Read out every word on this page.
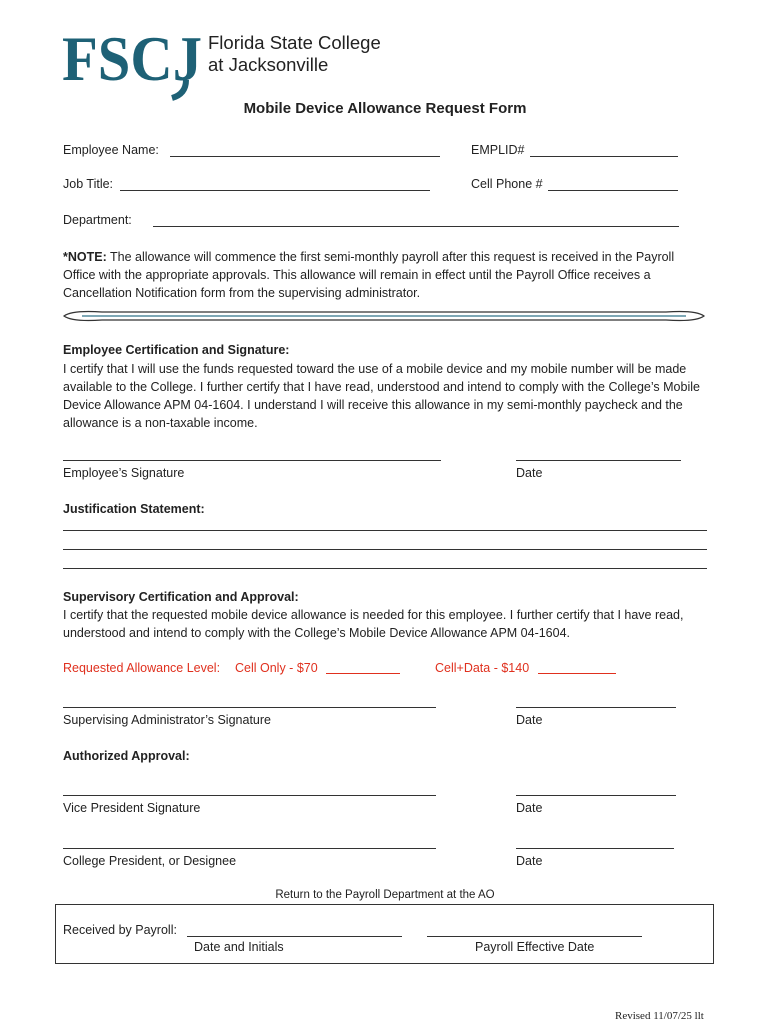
FSCJ Florida State College
at Jacksonville
Mobile Device Allowance Request Form
Employee Name:	EMPLID#
Job Title:	Cell Phone #
Department:
*NOTE: The allowance will commence the first semi-monthly payroll after this request is received in the Payroll Office with the appropriate approvals. This allowance will remain in effect until the Payroll Office receives a Cancellation Notification form from the supervising administrator.
Employee Certification and Signature:
I certify that I will use the funds requested toward the use of a mobile device and my mobile number will be made available to the College. I further certify that I have read, understood and intend to comply with the College’s Mobile Device Allowance APM 04-1604. I understand I will receive this allowance in my semi-monthly paycheck and the allowance is a non-taxable income.
Employee’s Signature	Date
Justification Statement:
Supervisory Certification and Approval:
I certify that the requested mobile device allowance is needed for this employee. I further certify that I have read, understood and intend to comply with the College’s Mobile Device Allowance APM 04-1604.
Requested Allowance Level: Cell Only - $70	Cell+Data - $140
Supervising Administrator’s Signature	Date
Authorized Approval:
Vice President Signature	Date
College President, or Designee	Date
Return to the Payroll Department at the AO
Received by Payroll:
Date and Initials	Payroll Effective Date
Revised 11/07/25 llt
